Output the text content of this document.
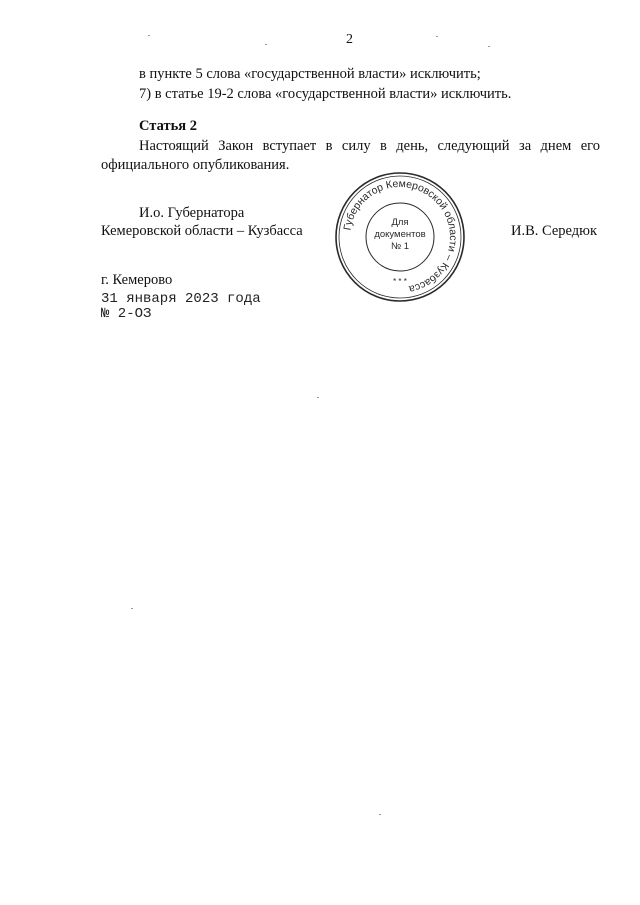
2
в пункте 5 слова «государственной власти» исключить;
7) в статье 19-2 слова «государственной власти» исключить.
Статья 2
Настоящий Закон вступает в силу в день, следующий за днем его
официального опубликования.
И.о. Губернатора
Кемеровской области – Кузбасса	И.В. Середюк
Губернатор Кемеровской области – Кузбасса
Для
документов
№ 1
* * *
г. Кемерово
31 января 2023 года
№ 2-ОЗ
